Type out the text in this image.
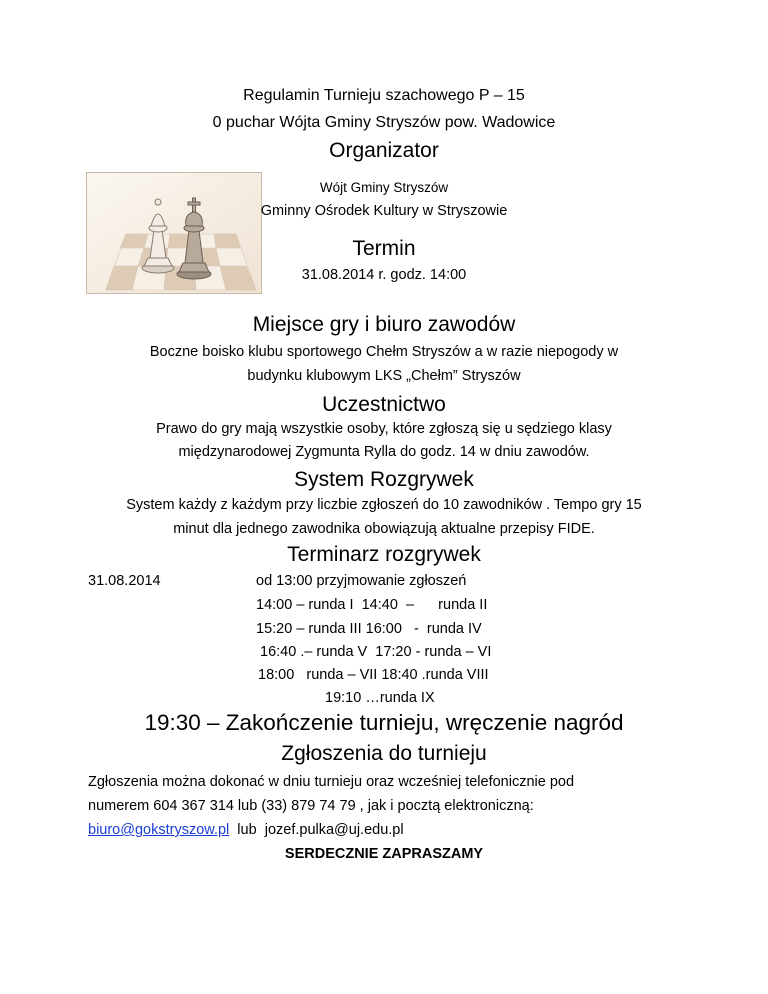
Regulamin Turnieju szachowego P – 15
0 puchar Wójta Gminy Stryszów pow. Wadowice
Organizator
Wójt Gminy Stryszów
Gminny Ośrodek Kultury w Stryszowie
Termin
31.08.2014 r. godz. 14:00
Miejsce gry i biuro zawodów
Boczne boisko klubu sportowego Chełm Stryszów a w razie niepogody w
budynku klubowym LKS „Chełm” Stryszów
Uczestnictwo
Prawo do gry mają wszystkie osoby, które zgłoszą się u sędziego klasy
międzynarodowej Zygmunta Rylla do godz. 14 w dniu zawodów.
System Rozgrywek
System każdy z każdym przy liczbie zgłoszeń do 10 zawodników . Tempo gry 15
minut dla jednego zawodnika obowiązują aktualne przepisy FIDE.
Terminarz rozgrywek
31.08.2014	od 13:00 przyjmowanie zgłoszeń
14:00 – runda I  14:40  –      runda II
15:20 – runda III 16:00   -  runda IV
16:40 .– runda V  17:20 - runda – VI
18:00   runda – VII 18:40 .runda VIII
19:10 …runda IX
19:30 – Zakończenie turnieju, wręczenie nagród
Zgłoszenia do turnieju
Zgłoszenia można dokonać w dniu turnieju oraz wcześniej telefonicznie pod
numerem 604 367 314 lub (33) 879 74 79 , jak i pocztą elektroniczną:
biuro@gokstryszow.pl  lub  jozef.pulka@uj.edu.pl
SERDECZNIE ZAPRASZAMY
